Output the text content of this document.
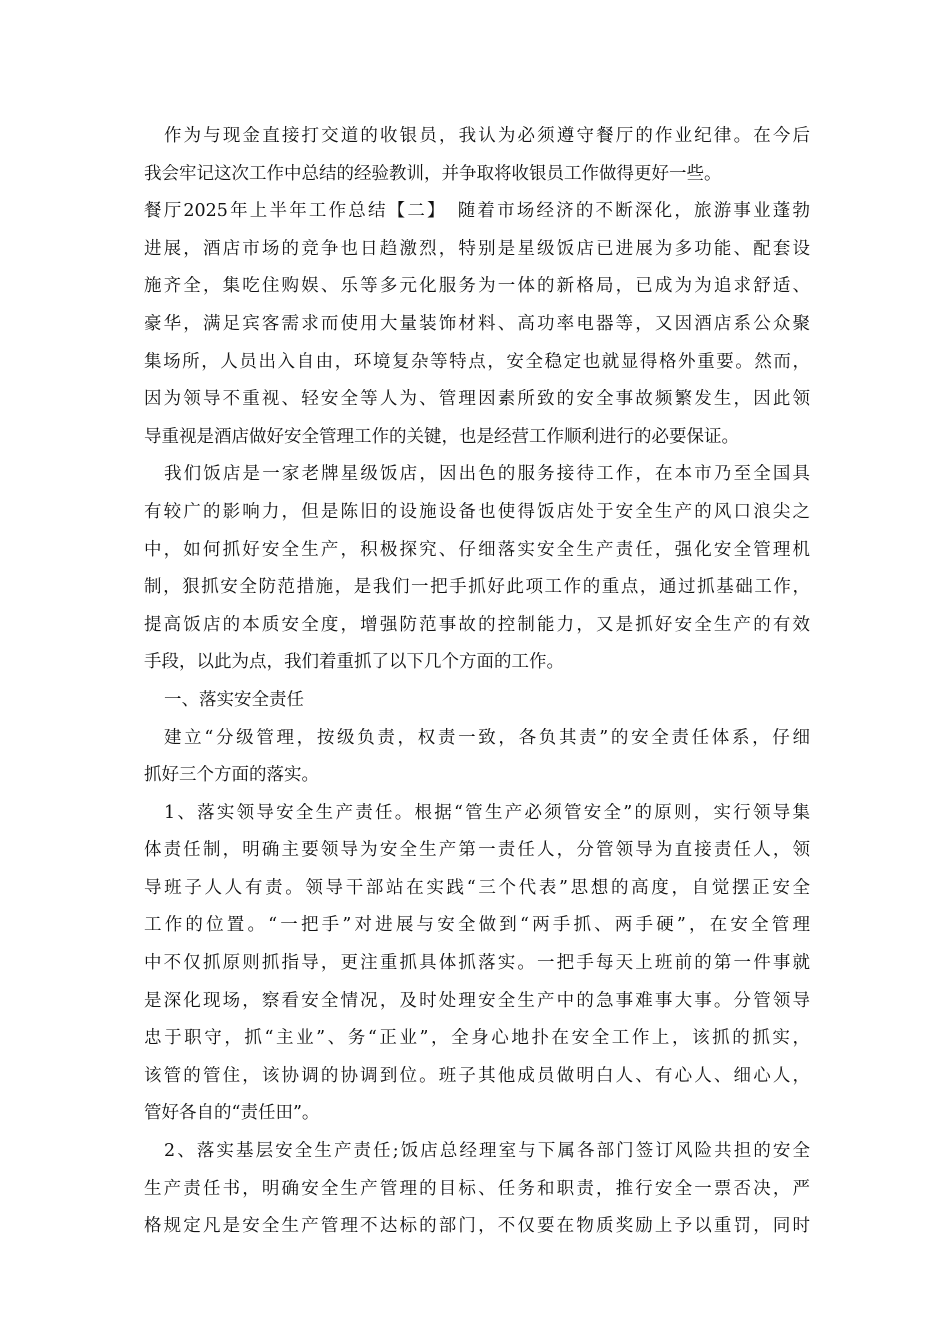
作为与现金直接打交道的收银员，我认为必须遵守餐厅的作业纪律。在今后
我会牢记这次工作中总结的经验教训，并争取将收银员工作做得更好一些。
餐厅2025年上半年工作总结【二】　随着市场经济的不断深化，旅游事业蓬勃
进展，酒店市场的竞争也日趋激烈，特别是星级饭店已进展为多功能、配套设
施齐全，集吃住购娱、乐等多元化服务为一体的新格局，已成为为追求舒适、
豪华，满足宾客需求而使用大量装饰材料、高功率电器等，又因酒店系公众聚
集场所，人员出入自由，环境复杂等特点，安全稳定也就显得格外重要。然而，
因为领导不重视、轻安全等人为、管理因素所致的安全事故频繁发生，因此领
导重视是酒店做好安全管理工作的关键，也是经营工作顺利进行的必要保证。
我们饭店是一家老牌星级饭店，因出色的服务接待工作，在本市乃至全国具
有较广的影响力，但是陈旧的设施设备也使得饭店处于安全生产的风口浪尖之
中，如何抓好安全生产，积极探究、仔细落实安全生产责任，强化安全管理机
制，狠抓安全防范措施，是我们一把手抓好此项工作的重点，通过抓基础工作，
提高饭店的本质安全度，增强防范事故的控制能力，又是抓好安全生产的有效
手段，以此为点，我们着重抓了以下几个方面的工作。
一、落实安全责任
建立“分级管理，按级负责，权责一致，各负其责”的安全责任体系，仔细
抓好三个方面的落实。
1、落实领导安全生产责任。根据“管生产必须管安全”的原则，实行领导集
体责任制，明确主要领导为安全生产第一责任人，分管领导为直接责任人，领
导班子人人有责。领导干部站在实践“三个代表”思想的高度，自觉摆正安全
工作的位置。“一把手”对进展与安全做到“两手抓、两手硬”，在安全管理
中不仅抓原则抓指导，更注重抓具体抓落实。一把手每天上班前的第一件事就
是深化现场，察看安全情况，及时处理安全生产中的急事难事大事。分管领导
忠于职守，抓“主业”、务“正业”，全身心地扑在安全工作上，该抓的抓实，
该管的管住，该协调的协调到位。班子其他成员做明白人、有心人、细心人，
管好各自的“责任田”。
2、落实基层安全生产责任;饭店总经理室与下属各部门签订风险共担的安全
生产责任书，明确安全生产管理的目标、任务和职责，推行安全一票否决，严
格规定凡是安全生产管理不达标的部门，不仅要在物质奖励上予以重罚，同时
